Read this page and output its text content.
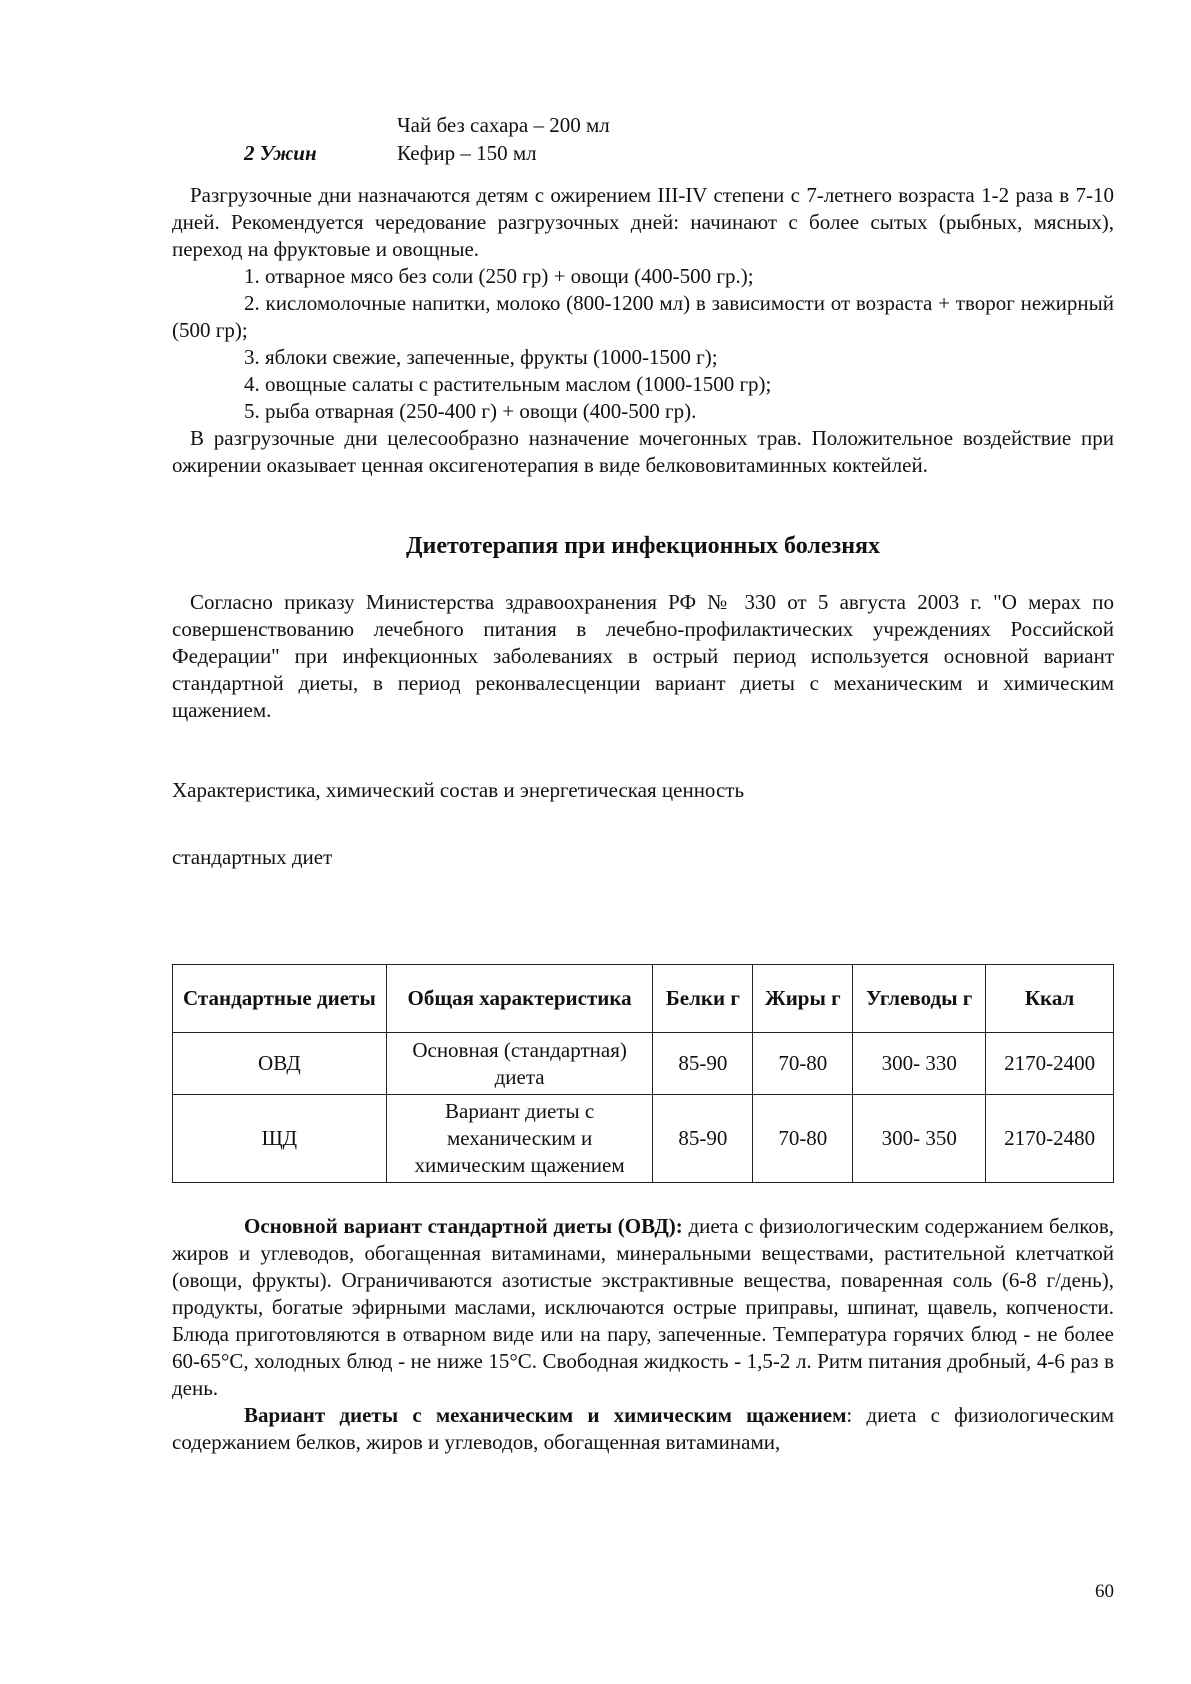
Чай без сахара – 200 мл
2 Ужин	Кефир – 150 мл

Разгрузочные дни назначаются детям с ожирением III-IV степени с 7-летнего возраста 1-2 раза в 7-10 дней. Рекомендуется чередование разгрузочных дней: начинают с более сытых (рыбных, мясных), переход на фруктовые и овощные.

1. отварное мясо без соли (250 гр) + овощи (400-500 гр.);

2. кисломолочные напитки, молоко (800-1200 мл) в зависимости от возраста + творог нежирный (500 гр);

3. яблоки свежие, запеченные, фрукты (1000-1500 г);

4. овощные салаты с растительным маслом (1000-1500 гр);

5. рыба отварная (250-400 г) + овощи (400-500 гр).

В разгрузочные дни целесообразно назначение мочегонных трав. Положительное воздействие при ожирении оказывает ценная оксигенотерапия в виде белкововитаминных коктейлей.

Диетотерапия при инфекционных болезнях

Согласно приказу Министерства здравоохранения РФ № 330 от 5 августа 2003 г. "О мерах по совершенствованию лечебного питания в лечебно-профилактических учреждениях Российской Федерации" при инфекционных заболеваниях в острый период используется основной вариант стандартной диеты, в период реконвалесценции вариант диеты с механическим и химическим щажением.

Характеристика, химический состав и энергетическая ценность

стандартных диет

Стандартные диеты	Общая характеристика	Белки г	Жиры г	Углеводы г	Ккал
ОВД	Основная (стандартная) диета	85-90	70-80	300- 330	2170-2400
ЩД	Вариант диеты с механическим и химическим щажением	85-90	70-80	300- 350	2170-2480

Основной вариант стандартной диеты (ОВД): диета с физиологическим содержанием белков, жиров и углеводов, обогащенная витаминами, минеральными веществами, растительной клетчаткой (овощи, фрукты). Ограничиваются азотистые экстрактивные вещества, поваренная соль (6-8 г/день), продукты, богатые эфирными маслами, исключаются острые приправы, шпинат, щавель, копчености. Блюда приготовляются в отварном виде или на пару, запеченные. Температура горячих блюд - не более 60-65°С, холодных блюд - не ниже 15°С. Свободная жидкость - 1,5-2 л. Ритм питания дробный, 4-6 раз в день.

Вариант диеты с механическим и химическим щажением: диета с физиологическим содержанием белков, жиров и углеводов, обогащенная витаминами,

60
